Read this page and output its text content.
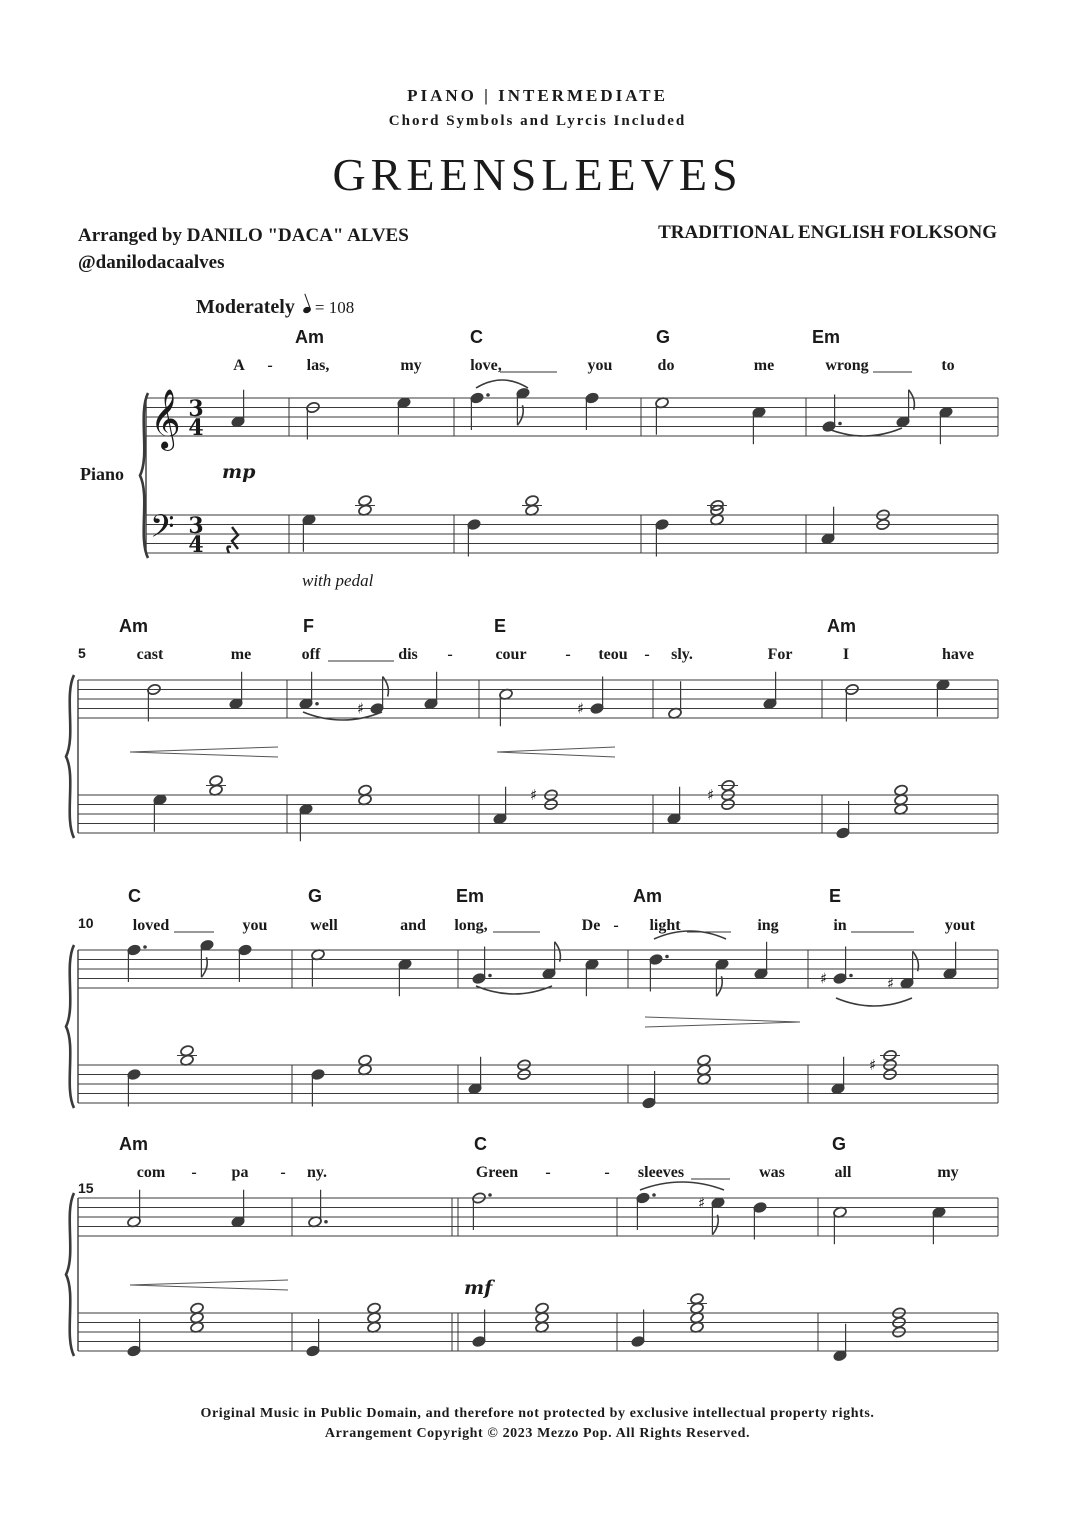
PIANO | INTERMEDIATE
Chord Symbols and Lyrcis Included
GREENSLEEVES
Arranged by DANILO "DACA" ALVES
@danilodacaalves
TRADITIONAL ENGLISH FOLKSONG
Moderately = 108
𝄞
𝄢
3
4
3
4
Piano
Am	C	G	Em
A - las,	my	love,	you	do	me	wrong	to
mp
with pedal
5
Am	F	E	Am
cast	me	off	dis -	cour - teou - sly.	For	I	have
♯	♯
♯	♯
10
C	G	Em	Am	E
loved	you	well	and long,	De - light	ing	in	yout
♯	♯
♯
15
Am	C	G
com - pa - ny.	Green -	- sleeves	was	all	my
♯
mf
Original Music in Public Domain, and therefore not protected by exclusive intellectual property rights.
Arrangement Copyright © 2023 Mezzo Pop. All Rights Reserved.
